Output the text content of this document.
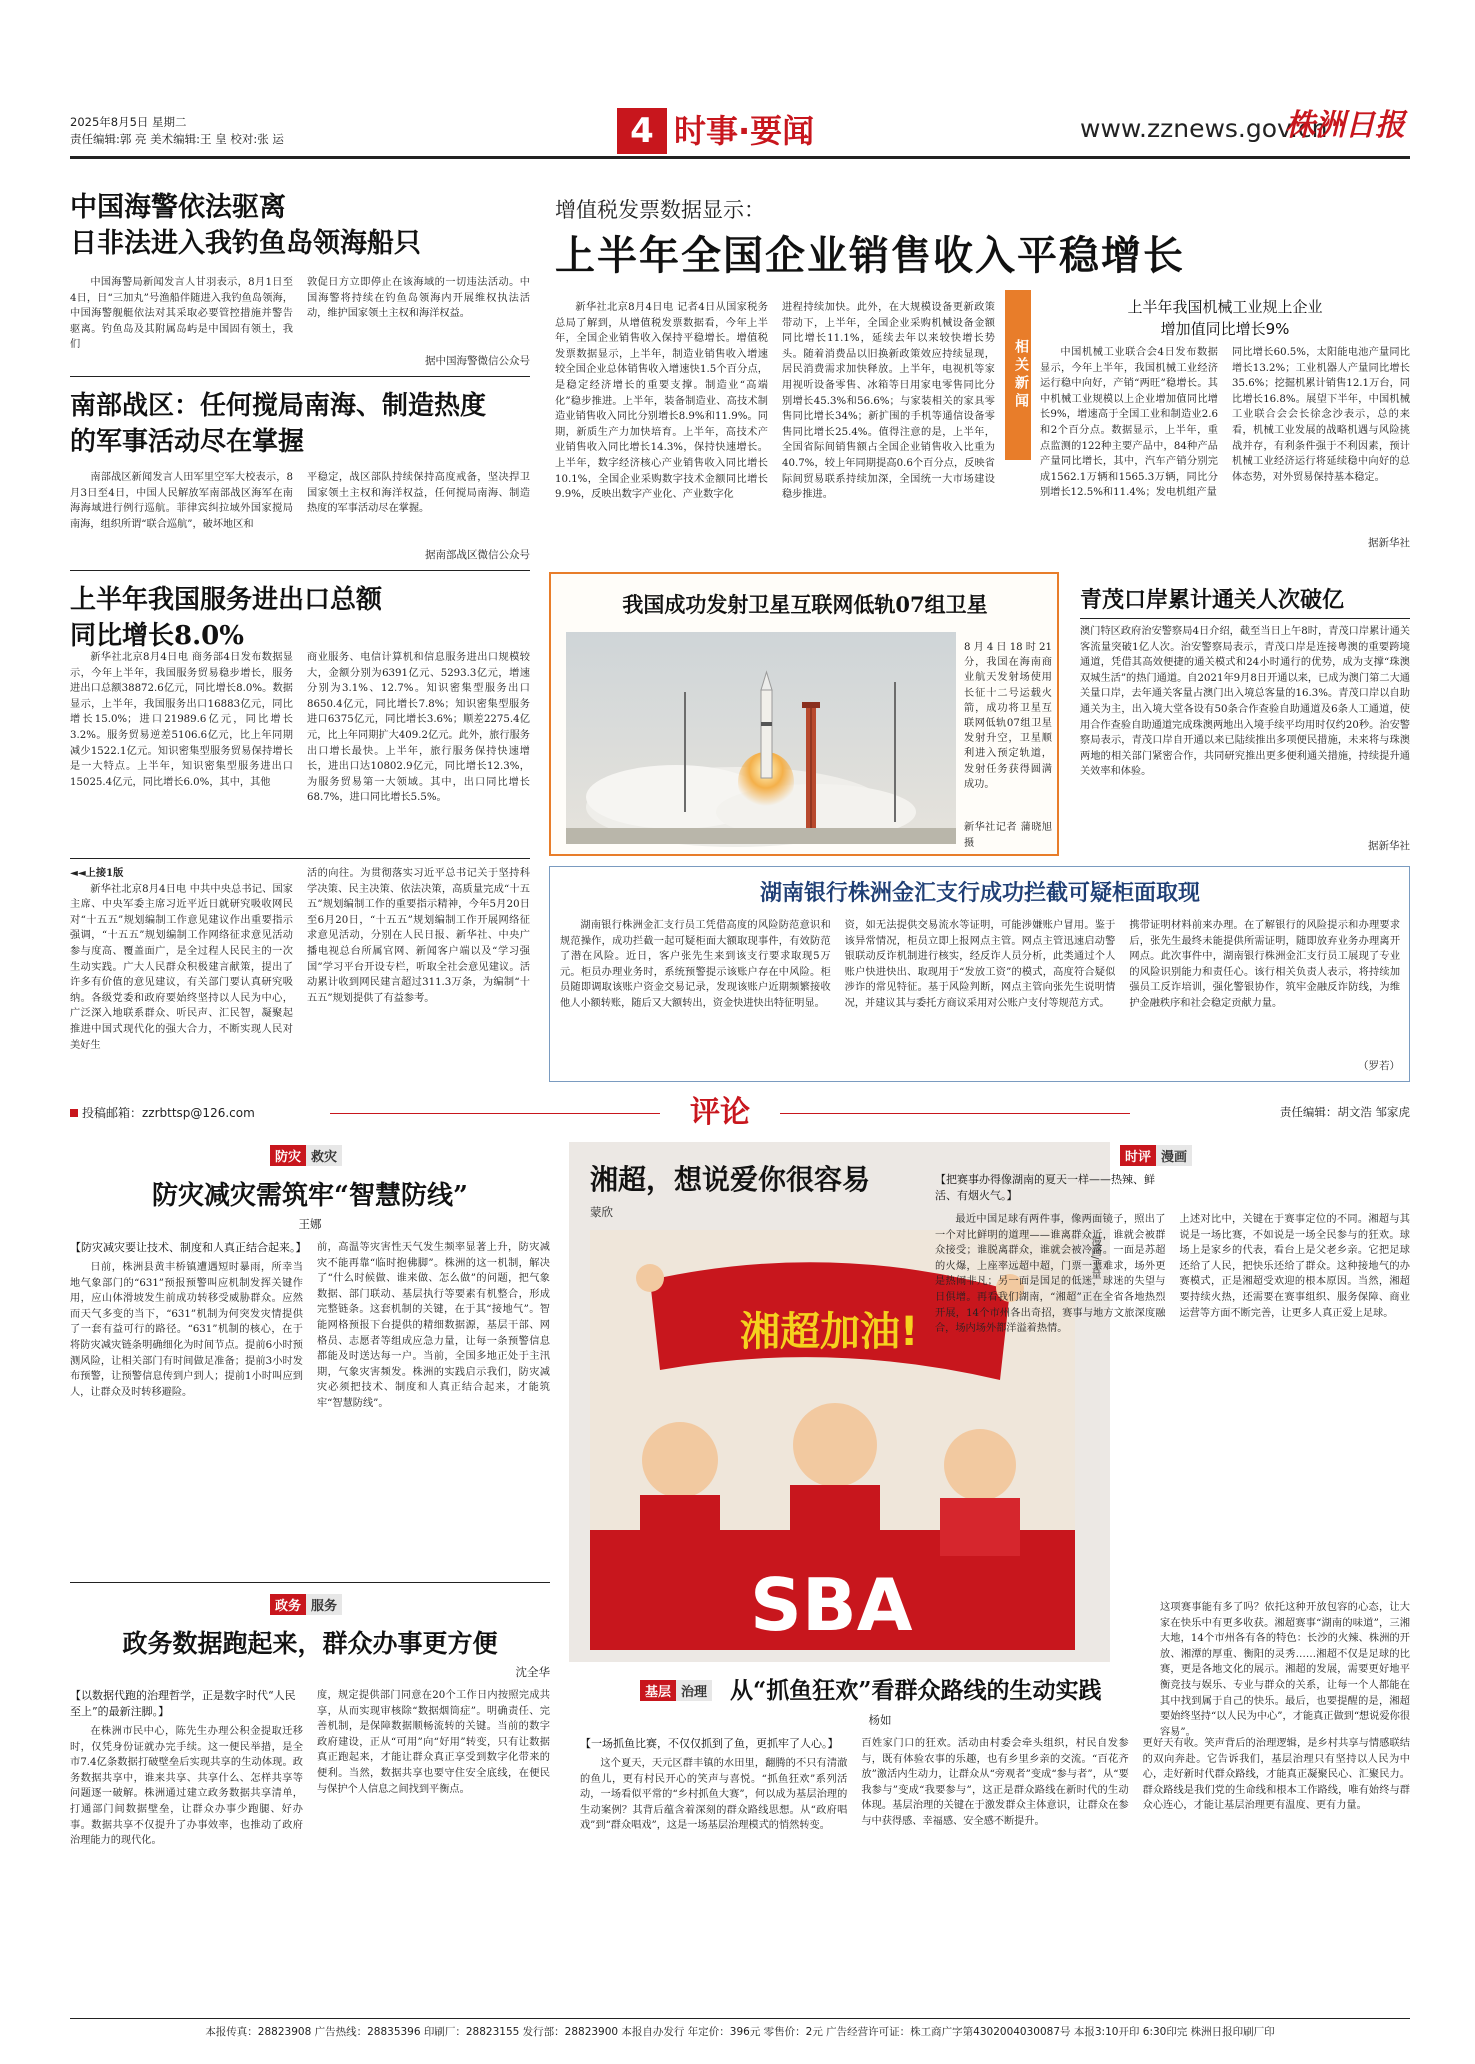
2025年8月5日 星期二
责任编辑:郭 亮 美术编辑:王 皇 校对:张 运	4 时事·要闻	www.zznews.gov.cn
株洲日报
中国海警依法驱离
日非法进入我钓鱼岛领海船只
中国海警局新闻发言人甘羽表示，8月1日至4日，日“三加丸”号渔船伴随进入我钓鱼岛领海，中国海警舰艇依法对其采取必要管控措施并警告驱离。钓鱼岛及其附属岛屿是中国固有领土，我们
敦促日方立即停止在该海域的一切违法活动。中国海警将持续在钓鱼岛领海内开展维权执法活动，维护国家领土主权和海洋权益。
据中国海警微信公众号
南部战区：任何搅局南海、制造热度
的军事活动尽在掌握
南部战区新闻发言人田军里空军大校表示，8月3日至4日，中国人民解放军南部战区海军在南海海域进行例行巡航。菲律宾纠拉域外国家搅局南海，组织所谓“联合巡航”，破坏地区和
平稳定，战区部队持续保持高度戒备，坚决捍卫国家领土主权和海洋权益，任何搅局南海、制造热度的军事活动尽在掌握。
据南部战区微信公众号
上半年我国服务进出口总额
同比增长8.0%
新华社北京8月4日电 商务部4日发布数据显示，今年上半年，我国服务贸易稳步增长，服务进出口总额38872.6亿元，同比增长8.0%。数据显示，上半年，我国服务出口16883亿元，同比增长15.0%；进口21989.6亿元，同比增长3.2%。服务贸易逆差5106.6亿元，比上年同期减少1522.1亿元。知识密集型服务贸易保持增长是一大特点。上半年，知识密集型服务进出口15025.4亿元，同比增长6.0%，其中，其他
商业服务、电信计算机和信息服务进出口规模较大，金额分别为6391亿元、5293.3亿元，增速分别为3.1%、12.7%。知识密集型服务出口8650.4亿元，同比增长7.8%；知识密集型服务进口6375亿元，同比增长3.6%；顺差2275.4亿元，比上年同期扩大409.2亿元。此外，旅行服务出口增长最快。上半年，旅行服务保持快速增长，进出口达10802.9亿元，同比增长12.3%，为服务贸易第一大领域。其中，出口同比增长68.7%，进口同比增长5.5%。
◄◄上接1版
新华社北京8月4日电 中共中央总书记、国家主席、中央军委主席习近平近日就研究吸收网民对“十五五”规划编制工作意见建议作出重要指示强调，“十五五”规划编制工作网络征求意见活动参与度高、覆盖面广，是全过程人民民主的一次生动实践。广大人民群众积极建言献策，提出了许多有价值的意见建议，有关部门要认真研究吸纳。各级党委和政府要始终坚持以人民为中心，广泛深入地联系群众、听民声、汇民智，凝聚起推进中国式现代化的强大合力，不断实现人民对美好生
活的向往。为贯彻落实习近平总书记关于坚持科学决策、民主决策、依法决策，高质量完成“十五五”规划编制工作的重要指示精神，今年5月20日至6月20日，“十五五”规划编制工作开展网络征求意见活动，分别在人民日报、新华社、中央广播电视总台所属官网、新闻客户端以及“学习强国”学习平台开设专栏，听取全社会意见建议。活动累计收到网民建言超过311.3万条，为编制“十五五”规划提供了有益参考。
增值税发票数据显示：
上半年全国企业销售收入平稳增长
新华社北京8月4日电 记者4日从国家税务总局了解到，从增值税发票数据看，今年上半年，全国企业销售收入保持平稳增长。增值税发票数据显示，上半年，制造业销售收入增速较全国企业总体销售收入增速快1.5个百分点，是稳定经济增长的重要支撑。制造业“高端化”稳步推进。上半年，装备制造业、高技术制造业销售收入同比分别增长8.9%和11.9%。同期，新质生产力加快培育。上半年，高技术产业销售收入同比增长14.3%，保持快速增长。上半年，数字经济核心产业销售收入同比增长10.1%，全国企业采购数字技术金额同比增长9.9%，反映出数字产业化、产业数字化
进程持续加快。此外，在大规模设备更新政策带动下，上半年，全国企业采购机械设备金额同比增长11.1%，延续去年以来较快增长势头。随着消费品以旧换新政策效应持续显现，居民消费需求加快释放。上半年，电视机等家用视听设备零售、冰箱等日用家电零售同比分别增长45.3%和56.6%；与家装相关的家具零售同比增长34%；新扩围的手机等通信设备零售同比增长25.4%。值得注意的是，上半年，全国省际间销售额占全国企业销售收入比重为40.7%，较上年同期提高0.6个百分点，反映省际间贸易联系持续加深，全国统一大市场建设稳步推进。
相关新闻
上半年我国机械工业规上企业
增加值同比增长9%
中国机械工业联合会4日发布数据显示，今年上半年，我国机械工业经济运行稳中向好，产销“两旺”稳增长。其中机械工业规模以上企业增加值同比增长9%，增速高于全国工业和制造业2.6和2个百分点。数据显示，上半年，重点监测的122种主要产品中，84种产品产量同比增长，其中，汽车产销分别完成1562.1万辆和1565.3万辆，同比分别增长12.5%和11.4%；发电机组产量
同比增长60.5%，太阳能电池产量同比增长13.2%；工业机器人产量同比增长35.6%；挖掘机累计销售12.1万台，同比增长16.8%。展望下半年，中国机械工业联合会会长徐念沙表示，总的来看，机械工业发展的战略机遇与风险挑战并存，有利条件强于不利因素，预计机械工业经济运行将延续稳中向好的总体态势，对外贸易保持基本稳定。
据新华社
我国成功发射卫星互联网低轨07组卫星
8月4日18时21分，我国在海南商业航天发射场使用长征十二号运载火箭，成功将卫星互联网低轨07组卫星发射升空，卫星顺利进入预定轨道，发射任务获得圆满成功。
新华社记者 蒲晓旭 摄
青茂口岸累计通关人次破亿
澳门特区政府治安警察局4日介绍，截至当日上午8时，青茂口岸累计通关客流量突破1亿人次。治安警察局表示，青茂口岸是连接粤澳的重要跨境通道，凭借其高效便捷的通关模式和24小时通行的优势，成为支撑“珠澳双城生活”的热门通道。自2021年9月8日开通以来，已成为澳门第二大通关量口岸，去年通关客量占澳门出入境总客量的16.3%。青茂口岸以自助通关为主，出入境大堂各设有50条合作查验自助通道及6条人工通道，使用合作查验自助通道完成珠澳两地出入境手续平均用时仅约20秒。治安警察局表示，青茂口岸自开通以来已陆续推出多项便民措施，未来将与珠澳两地的相关部门紧密合作，共同研究推出更多便利通关措施，持续提升通关效率和体验。
据新华社
湖南银行株洲金汇支行成功拦截可疑柜面取现
湖南银行株洲金汇支行员工凭借高度的风险防范意识和规范操作，成功拦截一起可疑柜面大额取现事件，有效防范了潜在风险。近日，客户张先生来到该支行要求取现5万元。柜员办理业务时，系统预警提示该账户存在中风险。柜员随即调取该账户资金交易记录，发现该账户近期频繁接收他人小额转账，随后又大额转出，资金快进快出特征明显。
资，如无法提供交易流水等证明，可能涉嫌账户冒用。鉴于该异常情况，柜员立即上报网点主管。网点主管迅速启动警银联动反诈机制进行核实，经反诈人员分析，此类通过个人账户快进快出、取现用于“发放工资”的模式，高度符合疑似涉诈的常见特征。基于风险判断，网点主管向张先生说明情况，并建议其与委托方商议采用对公账户支付等规范方式。
携带证明材料前来办理。在了解银行的风险提示和办理要求后，张先生最终未能提供所需证明，随即放弃业务办理离开网点。此次事件中，湖南银行株洲金汇支行员工展现了专业的风险识别能力和责任心。该行相关负责人表示，将持续加强员工反诈培训，强化警银协作，筑牢金融反诈防线，为维护金融秩序和社会稳定贡献力量。
（罗若）
投稿邮箱：zzrbttsp@126.com	评论	责任编辑：胡文浩 邹家虎
防灾 救灾
防灾减灾需筑牢“智慧防线”
王娜
【防灾减灾要让技术、制度和人真正结合起来。】
日前，株洲县黄丰桥镇遭遇短时暴雨，所幸当地气象部门的“631”预报预警叫应机制发挥关键作用，应山体滑坡发生前成功转移受威胁群众。应然而天气多变的当下，“631”机制为何突发灾情提供了一套有益可行的路径。“631”机制的核心，在于将防灾减灾链条明确细化为时间节点。提前6小时预测风险，让相关部门有时间做足准备；提前3小时发布预警，让预警信息传到户到人；提前1小时叫应到人，让群众及时转移避险。
前，高温等灾害性天气发生频率显著上升，防灾减灾不能再靠“临时抱佛脚”。株洲的这一机制，解决了“什么时候做、谁来做、怎么做”的问题，把气象数据、部门联动、基层执行等要素有机整合，形成完整链条。这套机制的关键，在于其“接地气”。智能网格预报下台提供的精细数据源，基层干部、网格员、志愿者等组成应急力量，让每一条预警信息都能及时送达每一户。当前，全国多地正处于主汛期，气象灾害频发。株洲的实践启示我们，防灾减灾必须把技术、制度和人真正结合起来，才能筑牢“智慧防线”。
政务 服务
政务数据跑起来，群众办事更方便
沈全华
【以数据代跑的治理哲学，正是数字时代“人民至上”的最新注脚。】
在株洲市民中心，陈先生办理公积金提取迁移时，仅凭身份证就办完手续。这一便民举措，是全市7.4亿条数据打破壁垒后实现共享的生动体现。政务数据共享中，谁来共享、共享什么、怎样共享等问题逐一破解。株洲通过建立政务数据共享清单，打通部门间数据壁垒，让群众办事少跑腿、好办事。数据共享不仅提升了办事效率，也推动了政府治理能力的现代化。
度，规定提供部门同意在20个工作日内按照完成共享，从而实现审核除“数据烟筒症”。明确责任、完善机制，是保障数据顺畅流转的关键。当前的数字政府建设，正从“可用”向“好用”转变，只有让数据真正跑起来，才能让群众真正享受到数字化带来的便利。当然，数据共享也要守住安全底线，在便民与保护个人信息之间找到平衡点。
湘超，想说爱你很容易
蒙欣
SBA
湘超加油!
漫画/王量
时评 漫画
【把赛事办得像湖南的夏天一样——热辣、鲜活、有烟火气。】
最近中国足球有两件事，像两面镜子，照出了一个对比鲜明的道理——谁离群众近，谁就会被群众接受；谁脱离群众，谁就会被冷落。一面是苏超的火爆，上座率远超中超，门票一票难求，场外更是热闹非凡；另一面是国足的低迷，球迷的失望与日俱增。再看我们湖南，“湘超”正在全省各地热烈开展，14个市州各出奇招，赛事与地方文旅深度融合，场内场外都洋溢着热情。
上述对比中，关键在于赛事定位的不同。湘超与其说是一场比赛，不如说是一场全民参与的狂欢。球场上是家乡的代表，看台上是父老乡亲。它把足球还给了人民，把快乐还给了群众。这种接地气的办赛模式，正是湘超受欢迎的根本原因。当然，湘超要持续火热，还需要在赛事组织、服务保障、商业运营等方面不断完善，让更多人真正爱上足球。
这项赛事能有多了吗？依托这种开放包容的心态，让大家在快乐中有更多收获。湘超赛事“湖南的味道”，三湘大地，14个市州各有各的特色：长沙的火辣、株洲的开放、湘潭的厚重、衡阳的灵秀……湘超不仅是足球的比赛，更是各地文化的展示。湘超的发展，需要更好地平衡竞技与娱乐、专业与群众的关系，让每一个人都能在其中找到属于自己的快乐。最后，也要提醒的是，湘超要始终坚持“以人民为中心”，才能真正做到“想说爱你很容易”。
基层 治理 从“抓鱼狂欢”看群众路线的生动实践
杨如
【一场抓鱼比赛，不仅仅抓到了鱼，更抓牢了人心。】
这个夏天，天元区群丰镇的水田里，翻腾的不只有清澈的鱼儿，更有村民开心的笑声与喜悦。“抓鱼狂欢”系列活动，一场看似平常的“乡村抓鱼大赛”，何以成为基层治理的生动案例？其背后蕴含着深刻的群众路线思想。从“政府唱戏”到“群众唱戏”，这是一场基层治理模式的悄然转变。
百姓家门口的狂欢。活动由村委会牵头组织，村民自发参与，既有体验农事的乐趣，也有乡里乡亲的交流。“百花齐放”激活内生动力，让群众从“旁观者”变成“参与者”，从“要我参与”变成“我要参与”，这正是群众路线在新时代的生动体现。基层治理的关键在于激发群众主体意识，让群众在参与中获得感、幸福感、安全感不断提升。
更好天有收。笑声背后的治理逻辑，是乡村共享与情感联结的双向奔赴。它告诉我们，基层治理只有坚持以人民为中心，走好新时代群众路线，才能真正凝聚民心、汇聚民力。群众路线是我们党的生命线和根本工作路线，唯有始终与群众心连心，才能让基层治理更有温度、更有力量。
本报传真：28823908 广告热线：28835396 印刷厂：28823155 发行部：28823900 本报自办发行 年定价：396元 零售价：2元 广告经营许可证：株工商广字第4302004030087号 本报3:10开印 6:30印完 株洲日报印刷厂印
